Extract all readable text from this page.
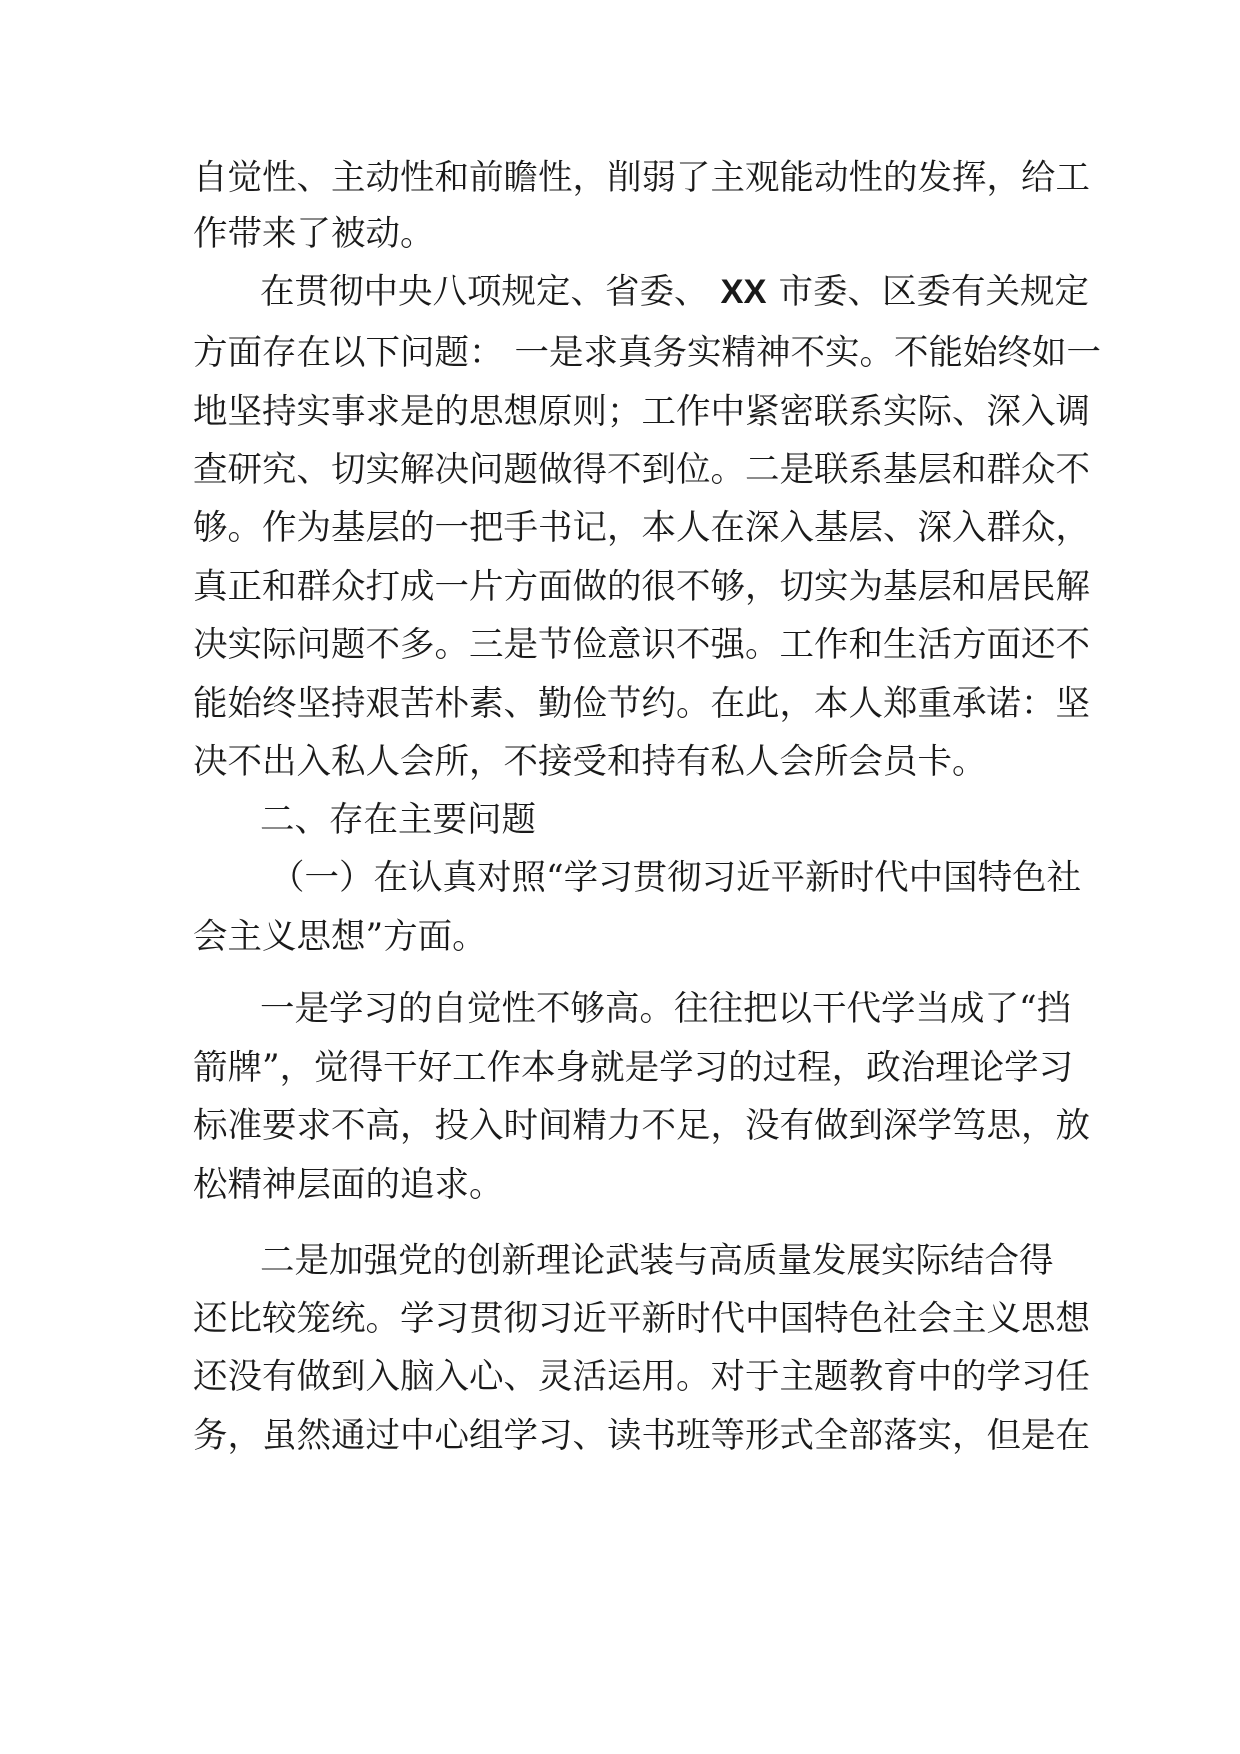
自觉性、主动性和前瞻性，削弱了主观能动性的发挥，给工
作带来了被动。
在贯彻中央八项规定、省委、 XX 市委、区委有关规定
方面存在以下问题： 一是求真务实精神不实。不能始终如一
地坚持实事求是的思想原则；工作中紧密联系实际、深入调
查研究、切实解决问题做得不到位。二是联系基层和群众不
够。作为基层的一把手书记，本人在深入基层、深入群众，
真正和群众打成一片方面做的很不够，切实为基层和居民解
决实际问题不多。三是节俭意识不强。工作和生活方面还不
能始终坚持艰苦朴素、勤俭节约。在此，本人郑重承诺：坚
决不出入私人会所，不接受和持有私人会所会员卡。
二、存在主要问题
（一）在认真对照“学习贯彻习近平新时代中国特色社
会主义思想”方面。
一是学习的自觉性不够高。往往把以干代学当成了“挡
箭牌”，觉得干好工作本身就是学习的过程，政治理论学习
标准要求不高，投入时间精力不足，没有做到深学笃思，放
松精神层面的追求。
二是加强党的创新理论武装与高质量发展实际结合得
还比较笼统。学习贯彻习近平新时代中国特色社会主义思想
还没有做到入脑入心、灵活运用。对于主题教育中的学习任
务，虽然通过中心组学习、读书班等形式全部落实，但是在
